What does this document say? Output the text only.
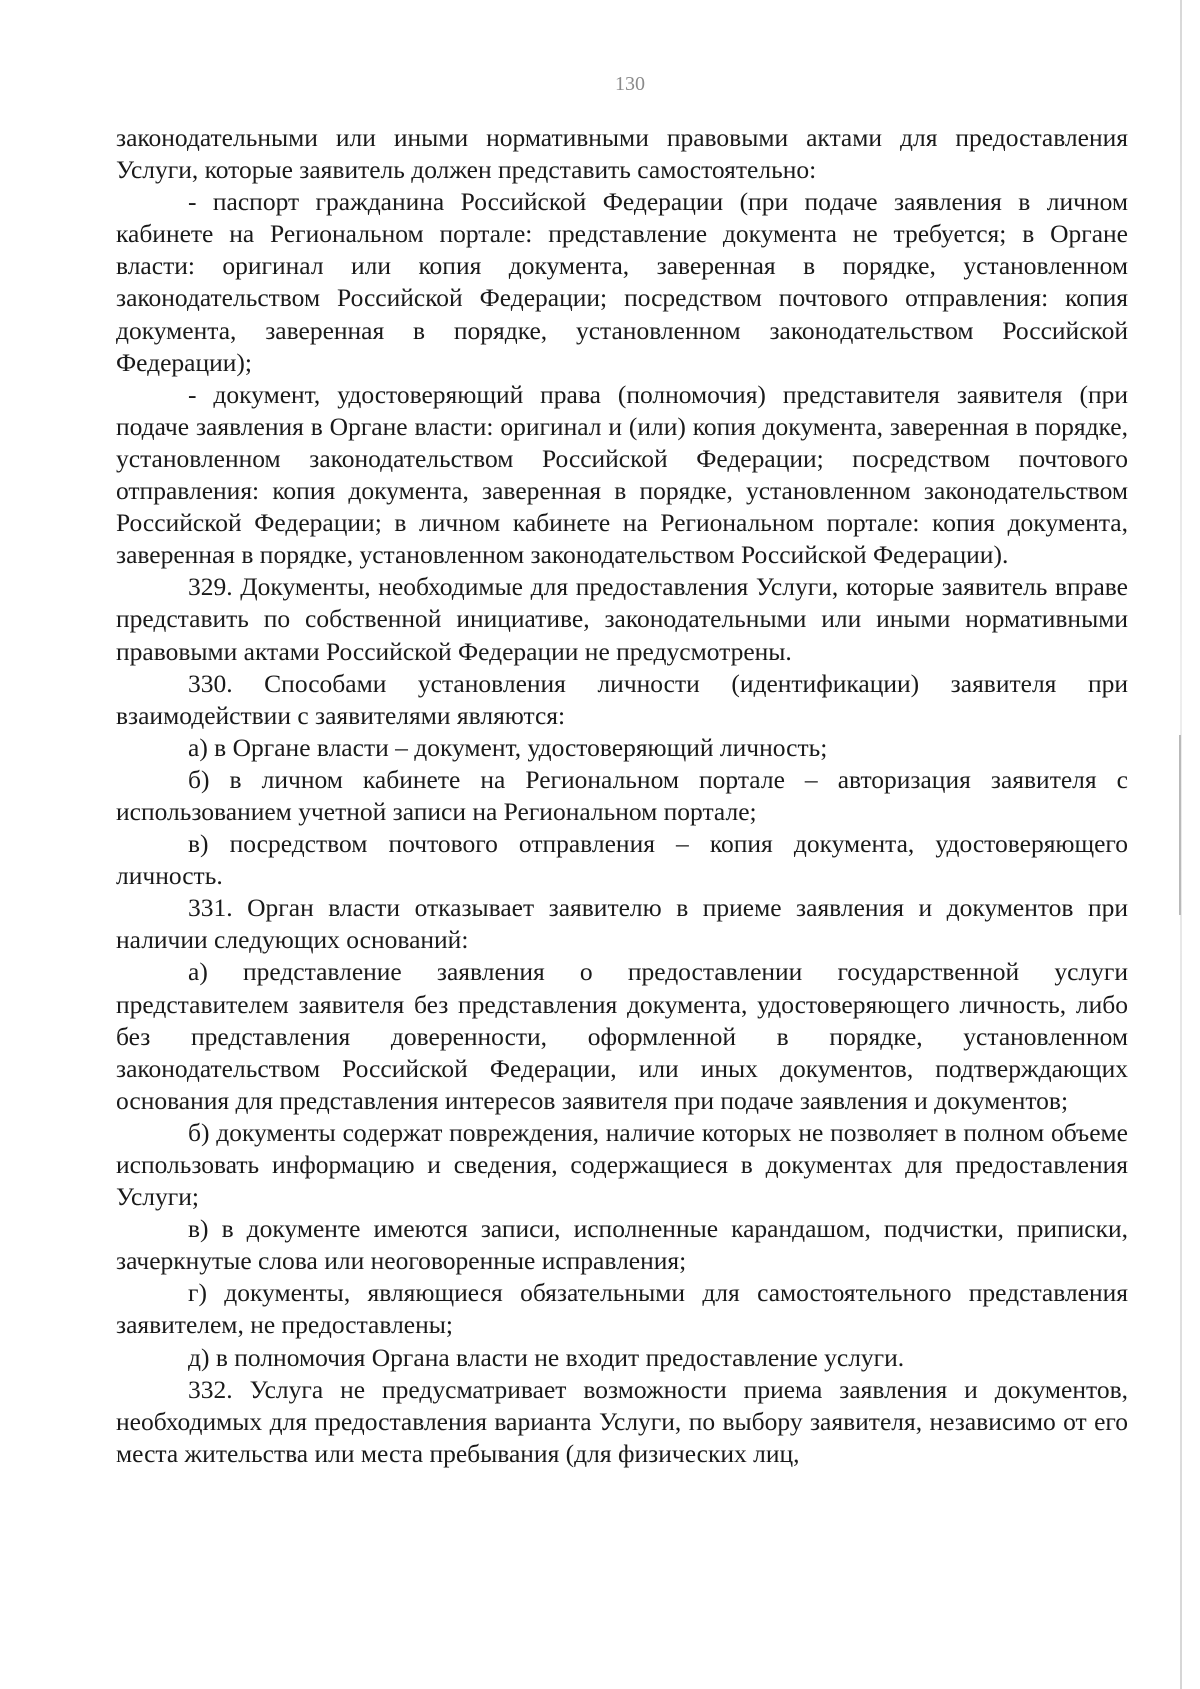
130

законодательными или иными нормативными правовыми актами для предоставления Услуги, которые заявитель должен представить самостоятельно:

- паспорт гражданина Российской Федерации (при подаче заявления в личном кабинете на Региональном портале: представление документа не требуется; в Органе власти: оригинал или копия документа, заверенная в порядке, установленном законодательством Российской Федерации; посредством почтового отправления: копия документа, заверенная в порядке, установленном законодательством Российской Федерации);

- документ, удостоверяющий права (полномочия) представителя заявителя (при подаче заявления в Органе власти: оригинал и (или) копия документа, заверенная в порядке, установленном законодательством Российской Федерации; посредством почтового отправления: копия документа, заверенная в порядке, установленном законодательством Российской Федерации; в личном кабинете на Региональном портале: копия документа, заверенная в порядке, установленном законодательством Российской Федерации).

329. Документы, необходимые для предоставления Услуги, которые заявитель вправе представить по собственной инициативе, законодательными или иными нормативными правовыми актами Российской Федерации не предусмотрены.

330. Способами установления личности (идентификации) заявителя при взаимодействии с заявителями являются:

а) в Органе власти – документ, удостоверяющий личность;

б) в личном кабинете на Региональном портале – авторизация заявителя с использованием учетной записи на Региональном портале;

в) посредством почтового отправления – копия документа, удостоверяющего личность.

331. Орган власти отказывает заявителю в приеме заявления и документов при наличии следующих оснований:

а) представление заявления о предоставлении государственной услуги представителем заявителя без представления документа, удостоверяющего личность, либо без представления доверенности, оформленной в порядке, установленном законодательством Российской Федерации, или иных документов, подтверждающих основания для представления интересов заявителя при подаче заявления и документов;

б) документы содержат повреждения, наличие которых не позволяет в полном объеме использовать информацию и сведения, содержащиеся в документах для предоставления Услуги;

в) в документе имеются записи, исполненные карандашом, подчистки, приписки, зачеркнутые слова или неоговоренные исправления;

г) документы, являющиеся обязательными для самостоятельного представления заявителем, не предоставлены;

д) в полномочия Органа власти не входит предоставление услуги.

332. Услуга не предусматривает возможности приема заявления и документов, необходимых для предоставления варианта Услуги, по выбору заявителя, независимо от его места жительства или места пребывания (для физических лиц,
